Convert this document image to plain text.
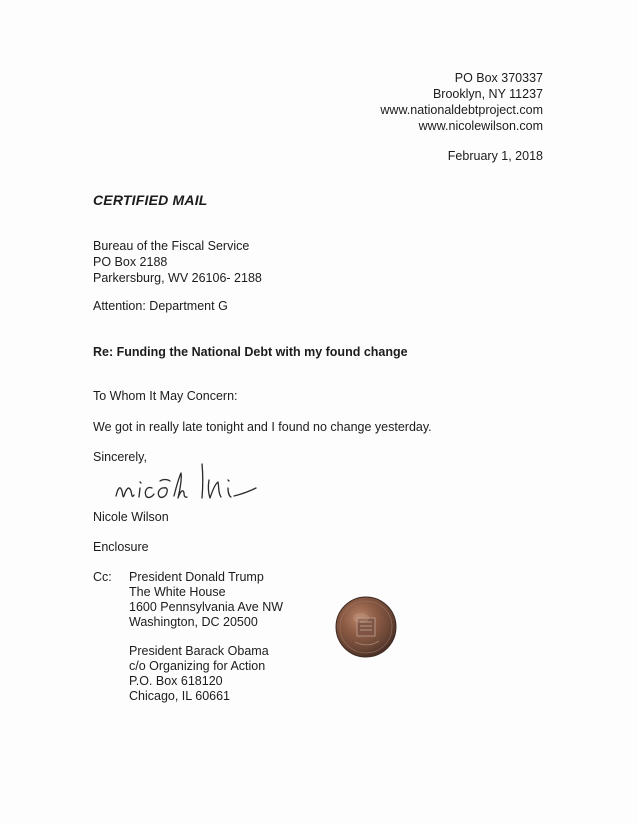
PO Box 370337
Brooklyn, NY 11237
www.nationaldebtproject.com
www.nicolewilson.com
February 1, 2018
CERTIFIED MAIL
Bureau of the Fiscal Service
PO Box 2188
Parkersburg, WV 26106- 2188
Attention: Department G
Re: Funding the National Debt with my found change
To Whom It May Concern:
We got in really late tonight and I found no change yesterday.
Sincerely,
Nicole Wilson
Enclosure
Cc: President Donald Trump
The White House
1600 Pennsylvania Ave NW
Washington, DC 20500
President Barack Obama
c/o Organizing for Action
P.O. Box 618120
Chicago, IL 60661
